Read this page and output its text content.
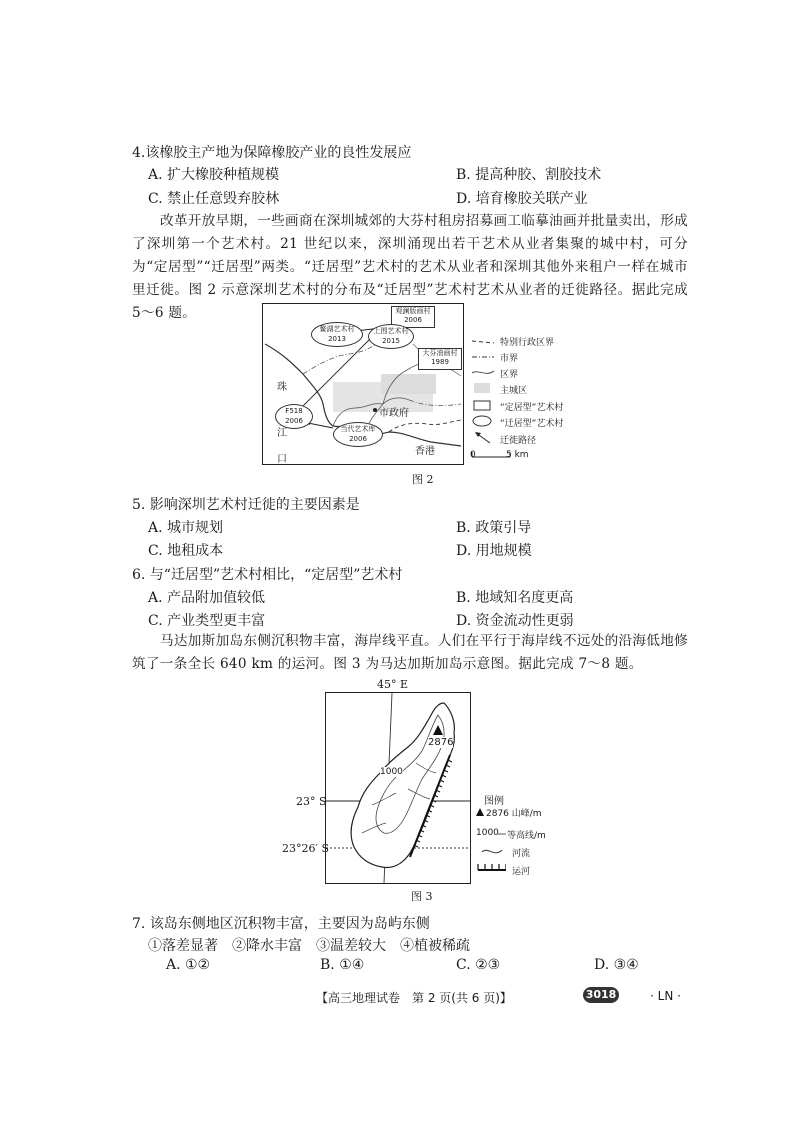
4.该橡胶主产地为保障橡胶产业的良性发展应
A. 扩大橡胶种植规模	B. 提高种胶、割胶技术
C. 禁止任意毁弃胶林	D. 培育橡胶关联产业
改革开放早期，一些画商在深圳城郊的大芬村租房招募画工临摹油画并批量卖出，形成了深圳第一个艺术村。21 世纪以来，深圳涌现出若干艺术从业者集聚的城中村，可分为“定居型”“迁居型”两类。“迁居型”艺术村的艺术从业者和深圳其他外来租户一样在城市里迁徙。图 2 示意深圳艺术村的分布及“迁居型”艺术村艺术从业者的迁徙路径。据此完成 5～6 题。	观澜版画村
2006
鳌湖艺术村
2013
上围艺术村
2015
大芬油画村
1989
F518
2006
当代艺术库
2006
珠
江
口
市政府
香港
特别行政区界
市界
区界
主城区
“定居型”艺术村
“迁居型”艺术村
迁徙路径
0	5 km
图 2
5. 影响深圳艺术村迁徙的主要因素是
A. 城市规划	B. 政策引导
C. 地租成本	D. 用地规模
6. 与“迁居型”艺术村相比，“定居型”艺术村
A. 产品附加值较低	B. 地域知名度更高
C. 产业类型更丰富	D. 资金流动性更弱
马达加斯加岛东侧沉积物丰富，海岸线平直。人们在平行于海岸线不远处的沿海低地修筑了一条全长 640 km 的运河。图 3 为马达加斯加岛示意图。据此完成 7～8 题。
45° E
2876
1000
23° S
23°26′ S
图例
2876 山峰/m
1000 等高线/m
河流
运河
图 3
7. 该岛东侧地区沉积物丰富，主要因为岛屿东侧
①落差显著　②降水丰富　③温差较大　④植被稀疏
A. ①②	B. ①④	C. ②③	D. ③④
【高三地理试卷　第 2 页(共 6 页)】	3018	· LN ·
